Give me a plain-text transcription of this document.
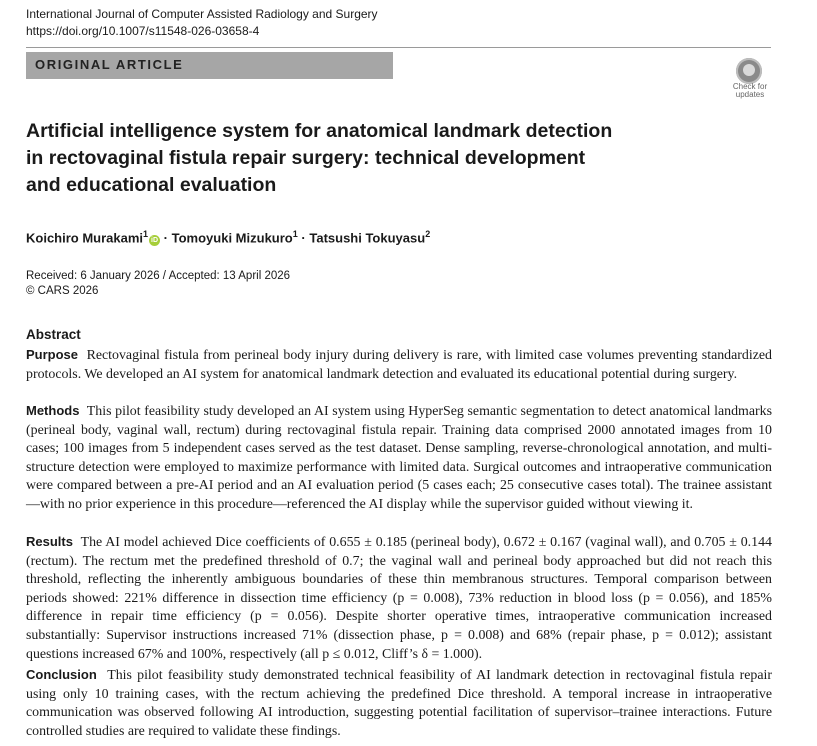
International Journal of Computer Assisted Radiology and Surgery
https://doi.org/10.1007/s11548-026-03658-4
ORIGINAL ARTICLE
Check for
updates
Artificial intelligence system for anatomical landmark detection
in rectovaginal fistula repair surgery: technical development
and educational evaluation
Koichiro Murakami$^1$iD · Tomoyuki Mizukuro$^1$ · Tatsushi Tokuyasu$^2$
Received: 6 January 2026 / Accepted: 13 April 2026
© CARS 2026
Abstract

Purpose Rectovaginal fistula from perineal body injury during delivery is rare, with limited case volumes preventing standardized protocols. We developed an AI system for anatomical landmark detection and evaluated its educational potential during surgery.

Methods This pilot feasibility study developed an AI system using HyperSeg semantic segmentation to detect anatomical landmarks (perineal body, vaginal wall, rectum) during rectovaginal fistula repair. Training data comprised 2000 annotated images from 10 cases; 100 images from 5 independent cases served as the test dataset. Dense sampling, reverse-chronological annotation, and multi-structure detection were employed to maximize performance with limited data. Surgical outcomes and intraoperative communication were compared between a pre-AI period and an AI evaluation period (5 cases each; 25 consecutive cases total). The trainee assistant—with no prior experience in this procedure—referenced the AI display while the supervisor guided without viewing it.

Results The AI model achieved Dice coefficients of 0.655 ± 0.185 (perineal body), 0.672 ± 0.167 (vaginal wall), and 0.705 ± 0.144 (rectum). The rectum met the predefined threshold of 0.7; the vaginal wall and perineal body approached but did not reach this threshold, reflecting the inherently ambiguous boundaries of these thin membranous structures. Temporal comparison between periods showed: 221% difference in dissection time efficiency (p = 0.008), 73% reduction in blood loss (p = 0.056), and 185% difference in repair time efficiency (p = 0.056). Despite shorter operative times, intraoperative communication increased substantially: Supervisor instructions increased 71% (dissection phase, p = 0.008) and 68% (repair phase, p = 0.012); assistant questions increased 67% and 100%, respectively (all p ≤ 0.012, Cliff’s δ = 1.000).

Conclusion This pilot feasibility study demonstrated technical feasibility of AI landmark detection in rectovaginal fistula repair using only 10 training cases, with the rectum achieving the predefined Dice threshold. A temporal increase in intraoperative communication was observed following AI introduction, suggesting potential facilitation of supervisor–trainee interactions. Future controlled studies are required to validate these findings.
